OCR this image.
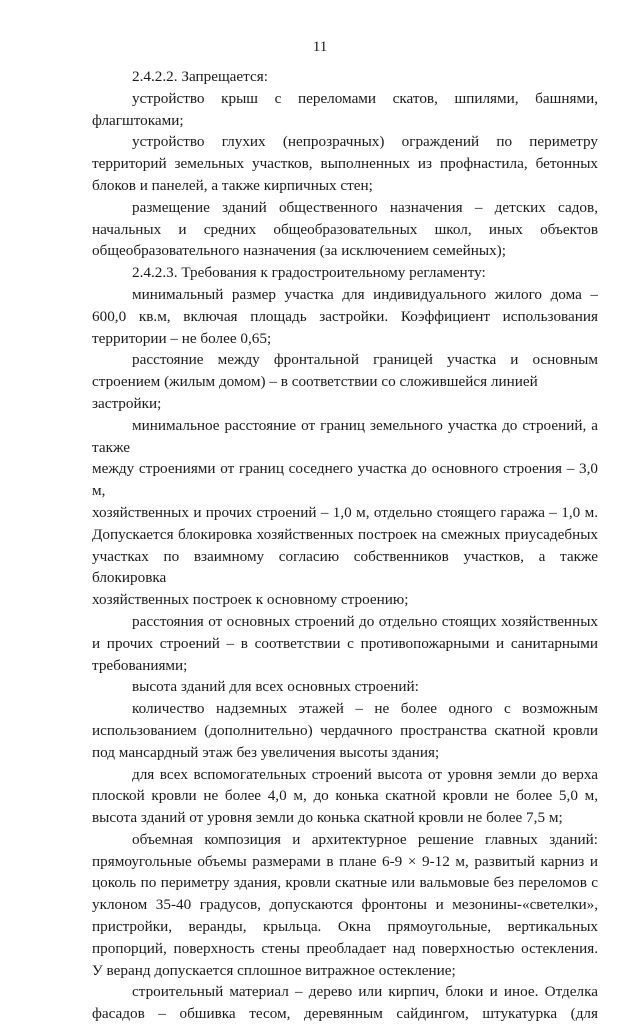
11
2.4.2.2. Запрещается:
устройство крыш с переломами скатов, шпилями, башнями,
флагштоками;
устройство глухих (непрозрачных) ограждений по периметру
территорий земельных участков, выполненных из профнастила, бетонных
блоков и панелей, а также кирпичных стен;
размещение зданий общественного назначения – детских садов,
начальных и средних общеобразовательных школ, иных объектов
общеобразовательного назначения (за исключением семейных);
2.4.2.3. Требования к градостроительному регламенту:
минимальный размер участка для индивидуального жилого дома –
600,0 кв.м, включая площадь застройки. Коэффициент использования
территории – не более 0,65;
расстояние между фронтальной границей участка и основным
строением (жилым домом) – в соответствии со сложившейся линией застройки;
минимальное расстояние от границ земельного участка до строений, а также
между строениями от границ соседнего участка до основного строения – 3,0 м,
хозяйственных и прочих строений – 1,0 м, отдельно стоящего гаража – 1,0 м.
Допускается блокировка хозяйственных построек на смежных приусадебных
участках по взаимному согласию собственников участков, а также блокировка
хозяйственных построек к основному строению;
расстояния от основных строений до отдельно стоящих хозяйственных
и прочих строений – в соответствии с противопожарными и санитарными
требованиями;
высота зданий для всех основных строений:
количество надземных этажей – не более одного с возможным
использованием (дополнительно) чердачного пространства скатной кровли
под мансардный этаж без увеличения высоты здания;
для всех вспомогательных строений высота от уровня земли до верха
плоской кровли не более 4,0 м, до конька скатной кровли не более 5,0 м,
высота зданий от уровня земли до конька скатной кровли не более 7,5 м;
объемная композиция и архитектурное решение главных зданий:
прямоугольные объемы размерами в плане 6-9 × 9-12 м, развитый карниз и
цоколь по периметру здания, кровли скатные или вальмовые без переломов с
уклоном 35-40 градусов, допускаются фронтоны и мезонины-«светелки»,
пристройки, веранды, крыльца. Окна прямоугольные, вертикальных
пропорций, поверхность стены преобладает над поверхностью остекления.
У веранд допускается сплошное витражное остекление;
строительный материал – дерево или кирпич, блоки и иное. Отделка
фасадов – обшивка тесом, деревянным сайдингом, штукатурка (для
